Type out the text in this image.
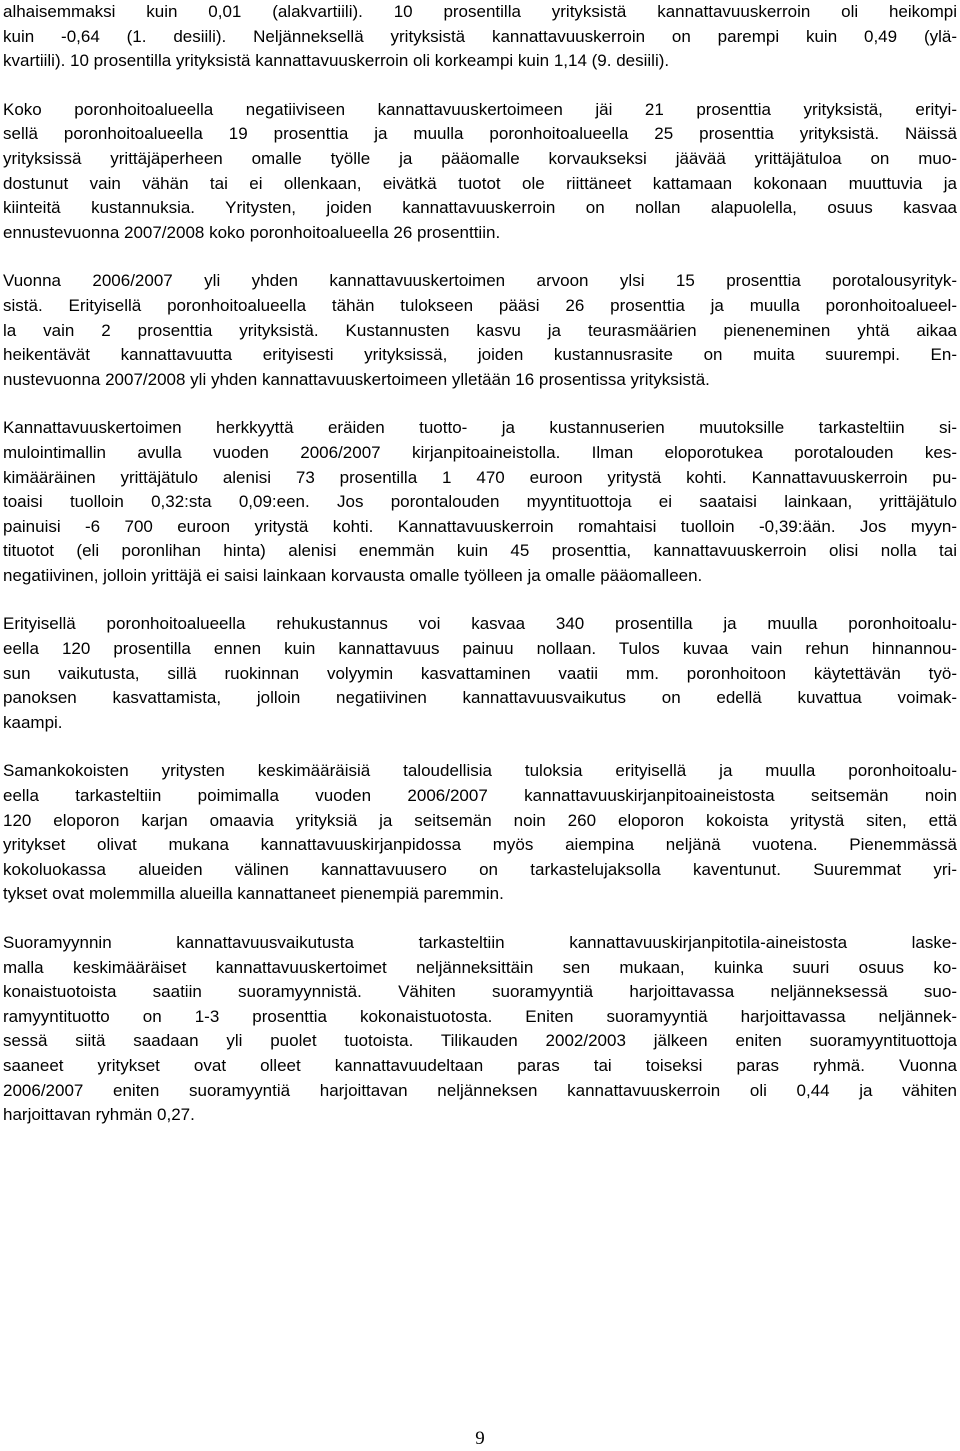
alhaisemmaksi kuin 0,01 (alakvartiili). 10 prosentilla yrityksistä kannattavuuskerroin oli heikompi
kuin -0,64 (1. desiili). Neljänneksellä yrityksistä kannattavuuskerroin on parempi kuin 0,49 (ylä-
kvartiili). 10 prosentilla yrityksistä kannattavuuskerroin oli korkeampi kuin 1,14 (9. desiili).
Koko poronhoitoalueella negatiiviseen kannattavuuskertoimeen jäi 21 prosenttia yrityksistä, erityi-
sellä poronhoitoalueella 19 prosenttia ja muulla poronhoitoalueella 25 prosenttia yrityksistä. Näissä
yrityksissä yrittäjäperheen omalle työlle ja pääomalle korvaukseksi jäävää yrittäjätuloa on muo-
dostunut vain vähän tai ei ollenkaan, eivätkä tuotot ole riittäneet kattamaan kokonaan muuttuvia ja
kiinteitä kustannuksia. Yritysten, joiden kannattavuuskerroin on nollan alapuolella, osuus kasvaa
ennustevuonna 2007/2008 koko poronhoitoalueella 26 prosenttiin.
Vuonna 2006/2007 yli yhden kannattavuuskertoimen arvoon ylsi 15 prosenttia porotalousyrityk-
sistä. Erityisellä poronhoitoalueella tähän tulokseen pääsi 26 prosenttia ja muulla poronhoitoalueel-
la vain 2 prosenttia yrityksistä. Kustannusten kasvu ja teurasmäärien pieneneminen yhtä aikaa
heikentävät kannattavuutta erityisesti yrityksissä, joiden kustannusrasite on muita suurempi. En-
nustevuonna 2007/2008 yli yhden kannattavuuskertoimeen ylletään 16 prosentissa yrityksistä.
Kannattavuuskertoimen herkkyyttä eräiden tuotto- ja kustannuserien muutoksille tarkasteltiin si-
mulointimallin avulla vuoden 2006/2007 kirjanpitoaineistolla. Ilman eloporotukea porotalouden kes-
kimääräinen yrittäjätulo alenisi 73 prosentilla 1 470 euroon yritystä kohti. Kannattavuuskerroin pu-
toaisi tuolloin 0,32:sta 0,09:een. Jos porontalouden myyntituottoja ei saataisi lainkaan, yrittäjätulo
painuisi -6 700 euroon yritystä kohti. Kannattavuuskerroin romahtaisi tuolloin -0,39:ään. Jos myyn-
tituotot (eli poronlihan hinta) alenisi enemmän kuin 45 prosenttia, kannattavuuskerroin olisi nolla tai
negatiivinen, jolloin yrittäjä ei saisi lainkaan korvausta omalle työlleen ja omalle pääomalleen.
Erityisellä poronhoitoalueella rehukustannus voi kasvaa 340 prosentilla ja muulla poronhoitoalu-
eella 120 prosentilla ennen kuin kannattavuus painuu nollaan. Tulos kuvaa vain rehun hinnannou-
sun vaikutusta, sillä ruokinnan volyymin kasvattaminen vaatii mm. poronhoitoon käytettävän työ-
panoksen kasvattamista, jolloin negatiivinen kannattavuusvaikutus on edellä kuvattua voimak-
kaampi.
Samankokoisten yritysten keskimääräisiä taloudellisia tuloksia erityisellä ja muulla poronhoitoalu-
eella tarkasteltiin poimimalla vuoden 2006/2007 kannattavuuskirjanpitoaineistosta seitsemän noin
120 eloporon karjan omaavia yrityksiä ja seitsemän noin 260 eloporon kokoista yritystä siten, että
yritykset olivat mukana kannattavuuskirjanpidossa myös aiempina neljänä vuotena. Pienemmässä
kokoluokassa alueiden välinen kannattavuusero on tarkastelujaksolla kaventunut. Suuremmat yri-
tykset ovat molemmilla alueilla kannattaneet pienempiä paremmin.
Suoramyynnin kannattavuusvaikutusta tarkasteltiin kannattavuuskirjanpitotila-aineistosta laske-
malla keskimääräiset kannattavuuskertoimet neljänneksittäin sen mukaan, kuinka suuri osuus ko-
konaistuotoista saatiin suoramyynnistä. Vähiten suoramyyntiä harjoittavassa neljänneksessä suo-
ramyyntituotto on 1-3 prosenttia kokonaistuotosta. Eniten suoramyyntiä harjoittavassa neljännek-
sessä siitä saadaan yli puolet tuotoista. Tilikauden 2002/2003 jälkeen eniten suoramyyntituottoja
saaneet yritykset ovat olleet kannattavuudeltaan paras tai toiseksi paras ryhmä. Vuonna
2006/2007 eniten suoramyyntiä harjoittavan neljänneksen kannattavuuskerroin oli 0,44 ja vähiten
harjoittavan ryhmän 0,27.
9
